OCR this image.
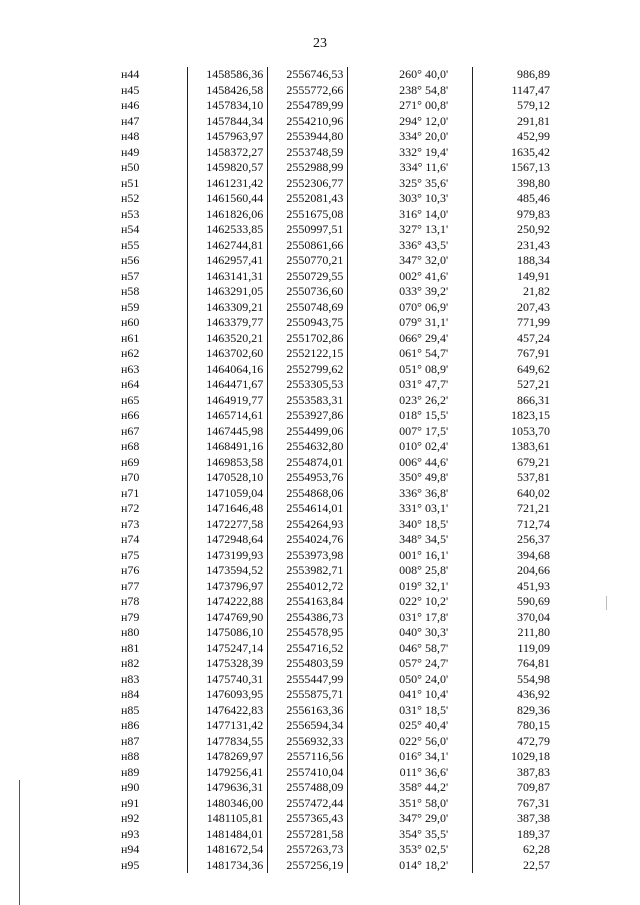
23
н44	1458586,36	2556746,53	260° 40,0'	986,89
н45	1458426,58	2555772,66	238° 54,8'	1147,47
н46	1457834,10	2554789,99	271° 00,8'	579,12
н47	1457844,34	2554210,96	294° 12,0'	291,81
н48	1457963,97	2553944,80	334° 20,0'	452,99
н49	1458372,27	2553748,59	332° 19,4'	1635,42
н50	1459820,57	2552988,99	334° 11,6'	1567,13
н51	1461231,42	2552306,77	325° 35,6'	398,80
н52	1461560,44	2552081,43	303° 10,3'	485,46
н53	1461826,06	2551675,08	316° 14,0'	979,83
н54	1462533,85	2550997,51	327° 13,1'	250,92
н55	1462744,81	2550861,66	336° 43,5'	231,43
н56	1462957,41	2550770,21	347° 32,0'	188,34
н57	1463141,31	2550729,55	002° 41,6'	149,91
н58	1463291,05	2550736,60	033° 39,2'	21,82
н59	1463309,21	2550748,69	070° 06,9'	207,43
н60	1463379,77	2550943,75	079° 31,1'	771,99
н61	1463520,21	2551702,86	066° 29,4'	457,24
н62	1463702,60	2552122,15	061° 54,7'	767,91
н63	1464064,16	2552799,62	051° 08,9'	649,62
н64	1464471,67	2553305,53	031° 47,7'	527,21
н65	1464919,77	2553583,31	023° 26,2'	866,31
н66	1465714,61	2553927,86	018° 15,5'	1823,15
н67	1467445,98	2554499,06	007° 17,5'	1053,70
н68	1468491,16	2554632,80	010° 02,4'	1383,61
н69	1469853,58	2554874,01	006° 44,6'	679,21
н70	1470528,10	2554953,76	350° 49,8'	537,81
н71	1471059,04	2554868,06	336° 36,8'	640,02
н72	1471646,48	2554614,01	331° 03,1'	721,21
н73	1472277,58	2554264,93	340° 18,5'	712,74
н74	1472948,64	2554024,76	348° 34,5'	256,37
н75	1473199,93	2553973,98	001° 16,1'	394,68
н76	1473594,52	2553982,71	008° 25,8'	204,66
н77	1473796,97	2554012,72	019° 32,1'	451,93
н78	1474222,88	2554163,84	022° 10,2'	590,69
н79	1474769,90	2554386,73	031° 17,8'	370,04
н80	1475086,10	2554578,95	040° 30,3'	211,80
н81	1475247,14	2554716,52	046° 58,7'	119,09
н82	1475328,39	2554803,59	057° 24,7'	764,81
н83	1475740,31	2555447,99	050° 24,0'	554,98
н84	1476093,95	2555875,71	041° 10,4'	436,92
н85	1476422,83	2556163,36	031° 18,5'	829,36
н86	1477131,42	2556594,34	025° 40,4'	780,15
н87	1477834,55	2556932,33	022° 56,0'	472,79
н88	1478269,97	2557116,56	016° 34,1'	1029,18
н89	1479256,41	2557410,04	011° 36,6'	387,83
н90	1479636,31	2557488,09	358° 44,2'	709,87
н91	1480346,00	2557472,44	351° 58,0'	767,31
н92	1481105,81	2557365,43	347° 29,0'	387,38
н93	1481484,01	2557281,58	354° 35,5'	189,37
н94	1481672,54	2557263,73	353° 02,5'	62,28
н95	1481734,36	2557256,19	014° 18,2'	22,57
